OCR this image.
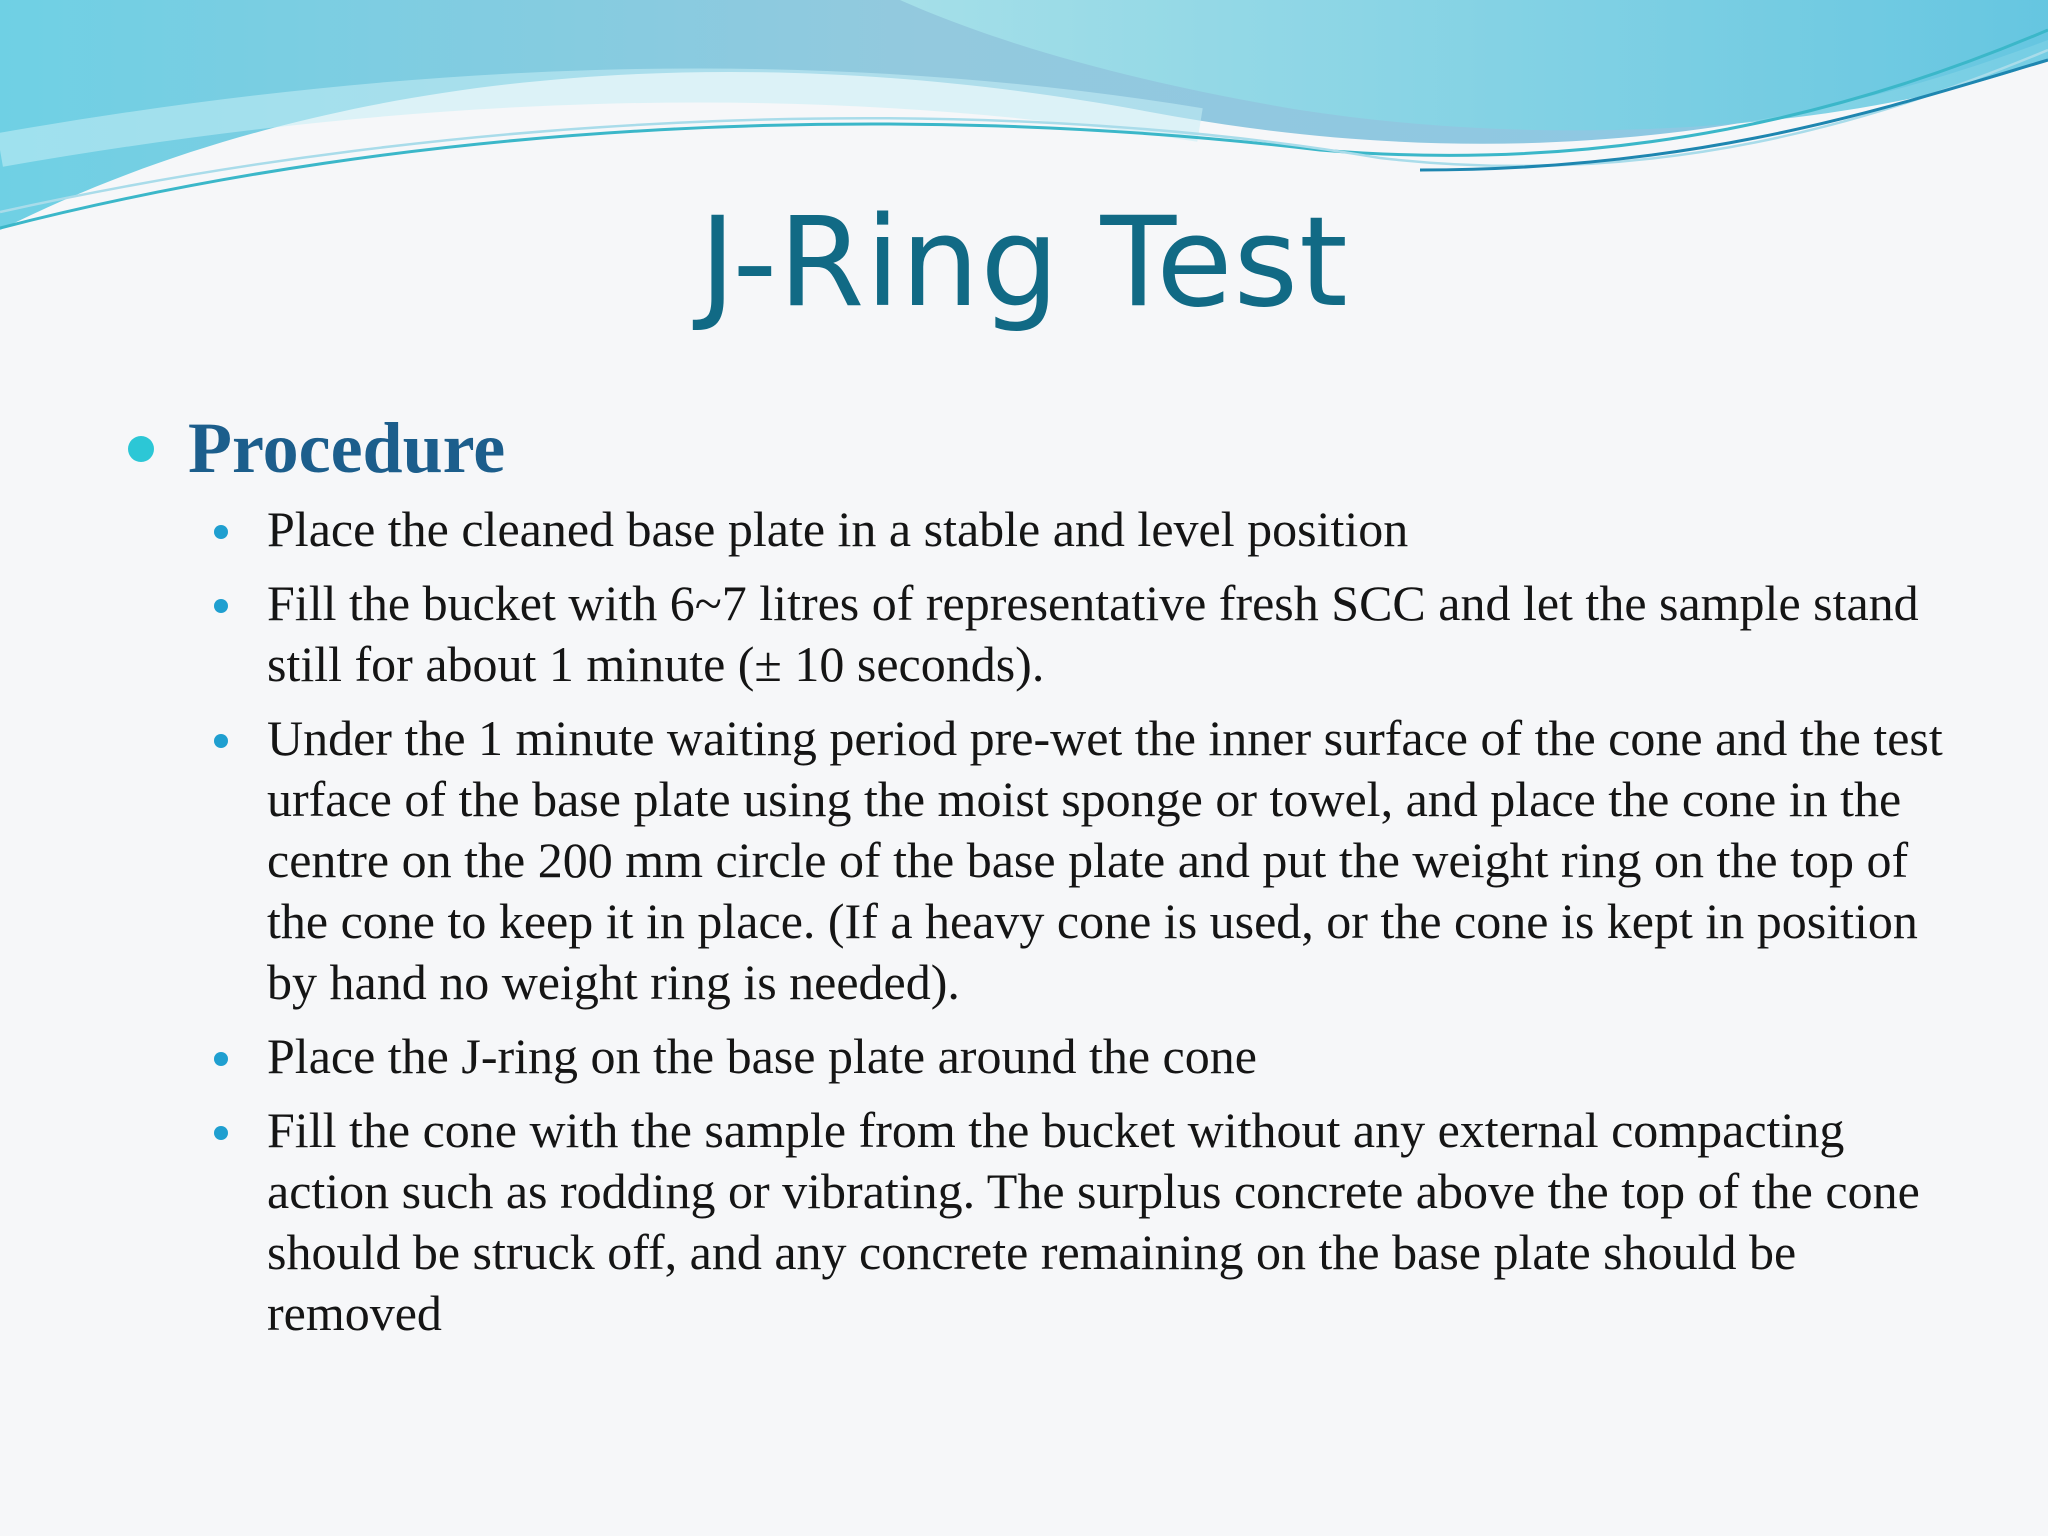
J-Ring Test
Procedure
Place the cleaned base plate in a stable and level position
Fill the bucket with 6~7 litres of representative fresh SCC and let the sample stand still for about 1 minute (± 10 seconds).
Under the 1 minute waiting period pre-wet the inner surface of the cone and the test urface of the base plate using the moist sponge or towel, and place the cone in the centre on the 200 mm circle of the base plate and put the weight ring on the top of the cone to keep it in place. (If a heavy cone is used, or the cone is kept in position by hand no weight ring is needed).
Place the J-ring on the base plate around the cone
Fill the cone with the sample from the bucket without any external compacting action such as rodding or vibrating. The surplus concrete above the top of the cone should be struck off, and any concrete remaining on the base plate should be removed
